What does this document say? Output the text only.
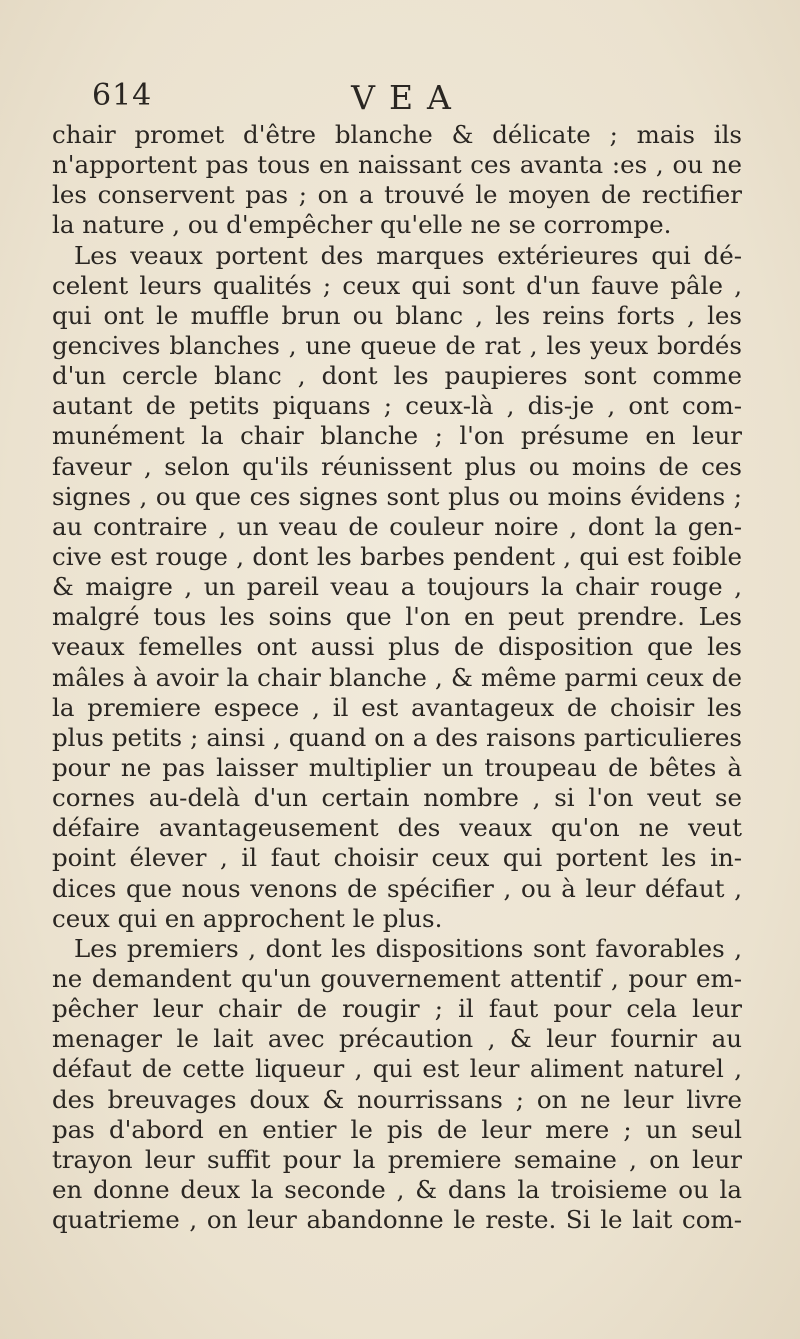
614	VEA
chair promet d'être blanche & délicate ; mais ils
n'apportent pas tous en naissant ces avanta :es , ou ne
les conservent pas ; on a trouvé le moyen de rectifier
la nature , ou d'empêcher qu'elle ne se corrompe.
Les veaux portent des marques extérieures qui dé-
celent leurs qualités ; ceux qui sont d'un fauve pâle ,
qui ont le muffle brun ou blanc , les reins forts , les
gencives blanches , une queue de rat , les yeux bordés
d'un cercle blanc , dont les paupieres sont comme
autant de petits piquans ; ceux-là , dis-je , ont com-
munément la chair blanche ; l'on présume en leur
faveur , selon qu'ils réunissent plus ou moins de ces
signes , ou que ces signes sont plus ou moins évidens ;
au contraire , un veau de couleur noire , dont la gen-
cive est rouge , dont les barbes pendent , qui est foible
& maigre , un pareil veau a toujours la chair rouge ,
malgré tous les soins que l'on en peut prendre. Les
veaux femelles ont aussi plus de disposition que les
mâles à avoir la chair blanche , & même parmi ceux de
la premiere espece , il est avantageux de choisir les
plus petits ; ainsi , quand on a des raisons particulieres
pour ne pas laisser multiplier un troupeau de bêtes à
cornes au-delà d'un certain nombre , si l'on veut se
défaire avantageusement des veaux qu'on ne veut
point élever , il faut choisir ceux qui portent les in-
dices que nous venons de spécifier , ou à leur défaut ,
ceux qui en approchent le plus.
Les premiers , dont les dispositions sont favorables ,
ne demandent qu'un gouvernement attentif , pour em-
pêcher leur chair de rougir ; il faut pour cela leur
menager le lait avec précaution , & leur fournir au
défaut de cette liqueur , qui est leur aliment naturel ,
des breuvages doux & nourrissans ; on ne leur livre
pas d'abord en entier le pis de leur mere ; un seul
trayon leur suffit pour la premiere semaine , on leur
en donne deux la seconde , & dans la troisieme ou la
quatrieme , on leur abandonne le reste. Si le lait com-
